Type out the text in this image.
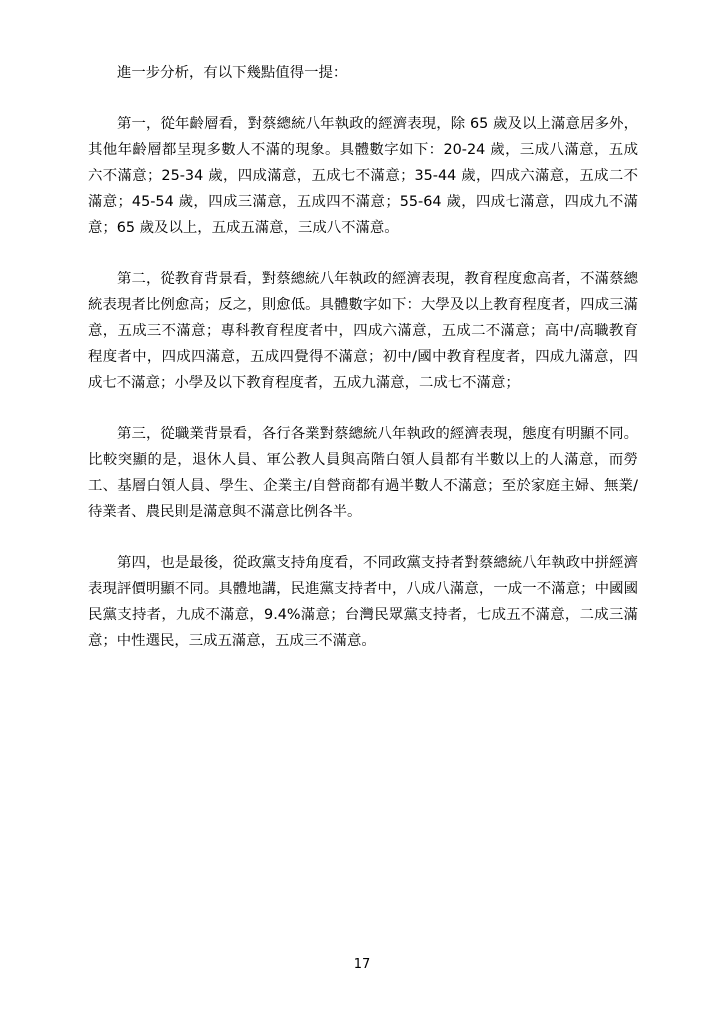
進一步分析，有以下幾點值得一提：

第一，從年齡層看，對蔡總統八年執政的經濟表現，除 65 歲及以上滿意居多外，其他年齡層都呈現多數人不滿的現象。具體數字如下：20-24 歲，三成八滿意，五成六不滿意；25-34 歲，四成滿意，五成七不滿意；35-44 歲，四成六滿意，五成二不滿意；45-54 歲，四成三滿意，五成四不滿意；55-64 歲，四成七滿意，四成九不滿意；65 歲及以上，五成五滿意，三成八不滿意。

第二，從教育背景看，對蔡總統八年執政的經濟表現，教育程度愈高者，不滿蔡總統表現者比例愈高；反之，則愈低。具體數字如下：大學及以上教育程度者，四成三滿意，五成三不滿意；專科教育程度者中，四成六滿意，五成二不滿意；高中/高職教育程度者中，四成四滿意，五成四覺得不滿意；初中/國中教育程度者，四成九滿意，四成七不滿意；小學及以下教育程度者，五成九滿意，二成七不滿意；

第三，從職業背景看，各行各業對蔡總統八年執政的經濟表現，態度有明顯不同。比較突顯的是，退休人員、軍公教人員與高階白領人員都有半數以上的人滿意，而勞工、基層白領人員、學生、企業主/自營商都有過半數人不滿意；至於家庭主婦、無業/待業者、農民則是滿意與不滿意比例各半。

第四，也是最後，從政黨支持角度看，不同政黨支持者對蔡總統八年執政中拼經濟表現評價明顯不同。具體地講，民進黨支持者中，八成八滿意，一成一不滿意；中國國民黨支持者，九成不滿意，9.4%滿意；台灣民眾黨支持者，七成五不滿意，二成三滿意；中性選民，三成五滿意，五成三不滿意。

17
